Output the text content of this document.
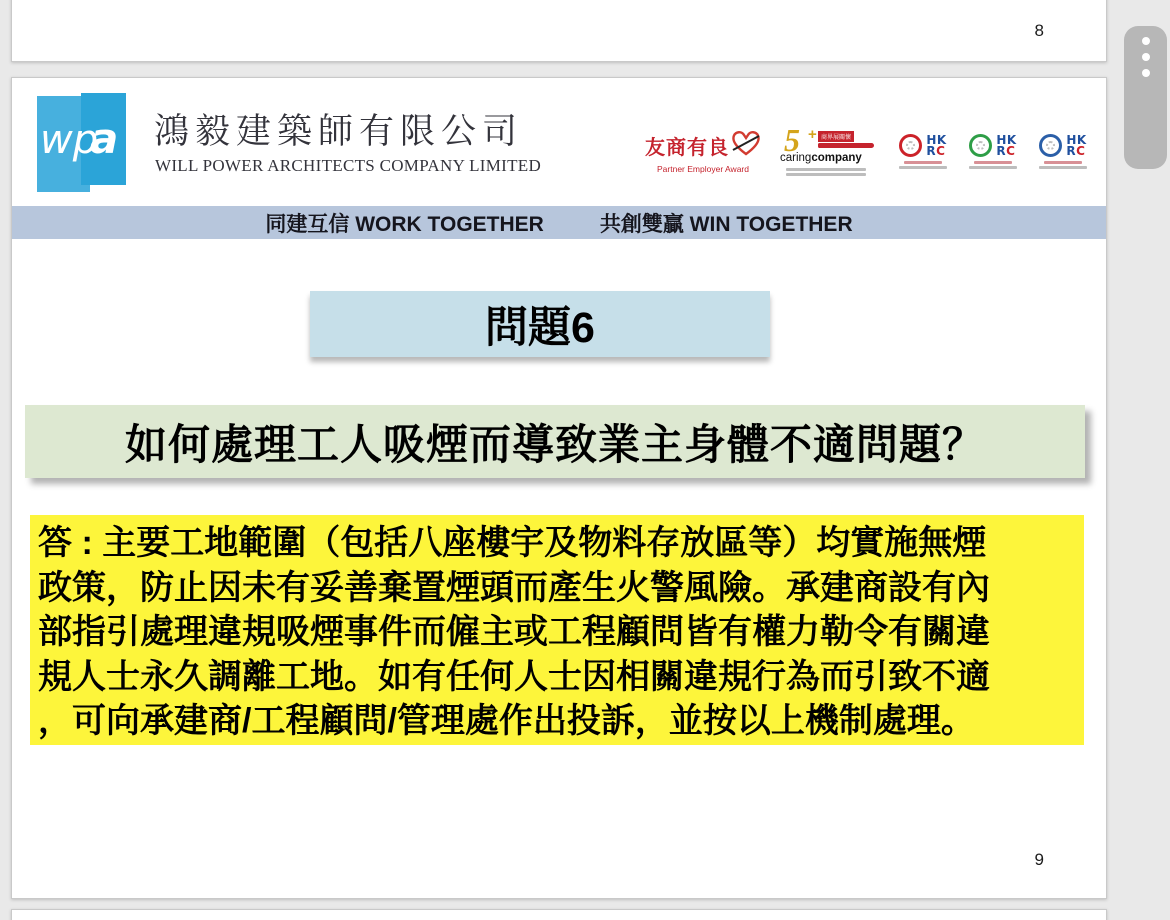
8
wp
a 鴻毅建築師有限公司
WILL POWER ARCHITECTS COMPANY LIMITED
友商有良
Partner Employer Award
5 + 商界展關懷
caringcompany
HK
RC
HK
RC
HK
RC
同建互信 WORK TOGETHER	共創雙贏 WIN TOGETHER
問題6
如何處理工人吸煙而導致業主身體不適問題？
答 : 主要工地範圍（包括八座樓宇及物料存放區等）均實施無煙
政策，防止因未有妥善棄置煙頭而產生火警風險。承建商設有內
部指引處理違規吸煙事件而僱主或工程顧問皆有權力勒令有關違
規人士永久調離工地。如有任何人士因相關違規行為而引致不適
，可向承建商/工程顧問/管理處作出投訴，並按以上機制處理。
9
